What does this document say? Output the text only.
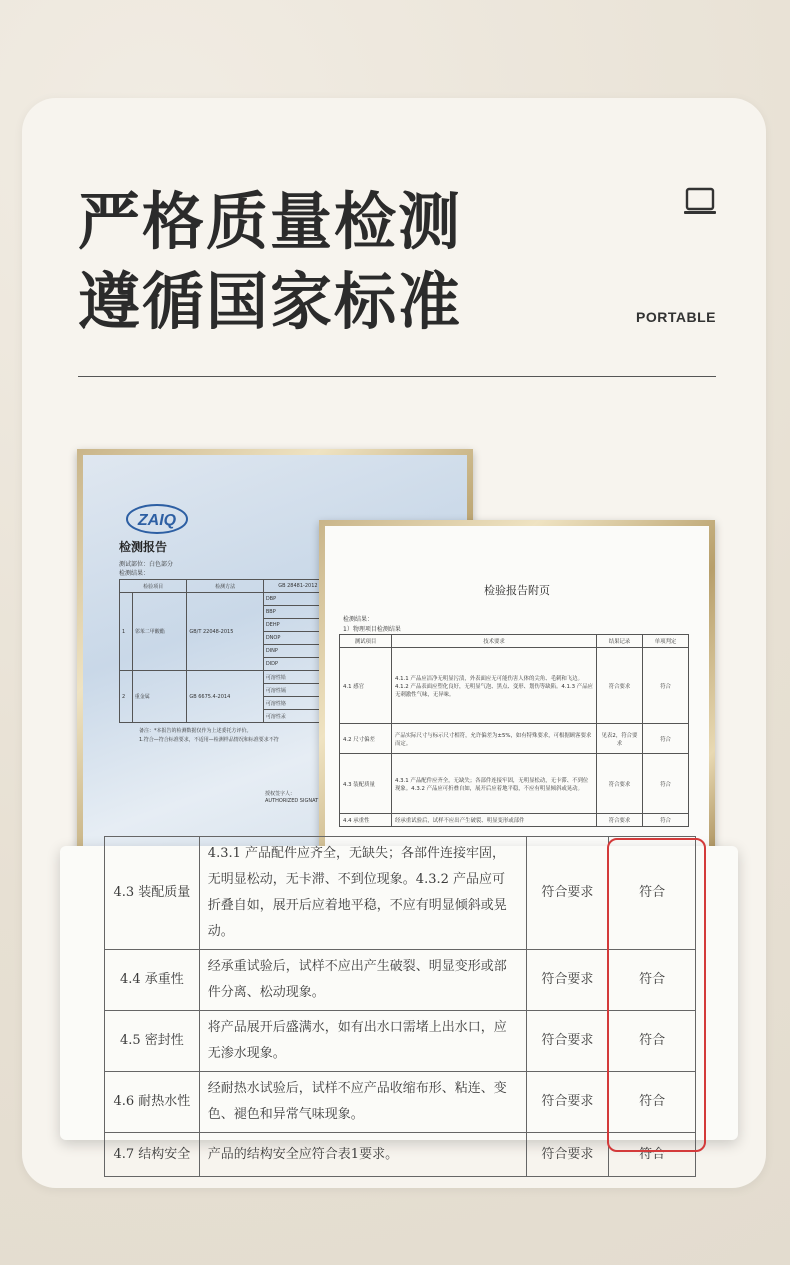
严格质量检测
遵循国家标准	PORTABLE
ZAIQ
检测报告
测试部位：白色部分
检测结果：
检验项目		检测方法	GB 28481-2012
1	邻苯二甲酸酯	GB/T 22048-2015	DBP
			BBP
			DEHP
			DNOP
			DINP
			DIDP
2	重金属	GB 6675.4-2014	可溶性铅
			可溶性镉
			可溶性铬
			可溶性汞
备注：*本报告的检测数据仅作为上述委托方评价。
1.符合—符合标准要求，不适用—检测样品情况和标准要求不符
授权签字人：
AUTHORIZED SIGNAT
检验报告附页
检测结果：
1）物理项目检测结果
测试项目	技术要求	结果记录	单项判定
4.1 感官	4.1.1 产品应洁净无明显污渍，外表面应无可能伤害人体的尖角、毛刺和飞边。4.1.2 产品表面应塑化良好，无明显气泡、黑点、变形、划伤等缺陷。4.1.3 产品应无刺激性气味，无异味。	符合要求	符合
4.2 尺寸偏差	产品实际尺寸与标示尺寸相符，允许偏差为±5%，如有特殊要求，可根据顾客要求而定。	见表2，符合要求	符合
4.3 装配质量	4.3.1 产品配件应齐全，无缺失；各部件连接牢固，无明显松动，无卡滞、不到位现象。4.3.2 产品应可折叠自如，展开后应着地平稳，不应有明显倾斜或晃动。	符合要求	符合
4.4 承重性	经承重试验后，试样不应出产生破裂、明显变形或部件	符合要求	符合
4.3 装配质量	4.3.1 产品配件应齐全，无缺失；各部件连接牢固，无明显松动，无卡滞、不到位现象。4.3.2 产品应可折叠自如，展开后应着地平稳，不应有明显倾斜或晃动。	符合要求	符合
4.4 承重性	经承重试验后，试样不应出产生破裂、明显变形或部件分离、松动现象。	符合要求	符合
4.5 密封性	将产品展开后盛满水，如有出水口需堵上出水口，应无渗水现象。	符合要求	符合
4.6 耐热水性	经耐热水试验后，试样不应产品收缩布形、粘连、变色、褪色和异常气味现象。	符合要求	符合
4.7 结构安全	产品的结构安全应符合表1要求。	符合要求	符合
